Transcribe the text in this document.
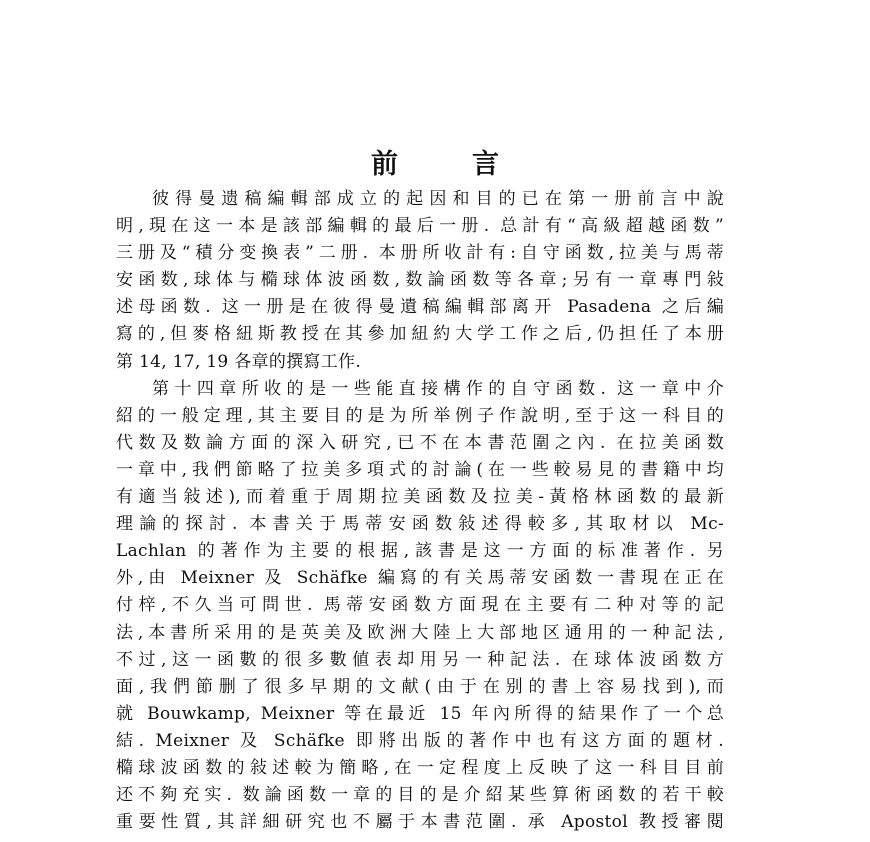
前	言
彼得曼遗稿編輯部成立的起因和目的已在第一册前言中說
明,現在这一本是該部編輯的最后一册. 总計有“高級超越函数”
三册及“積分变換表”二册. 本册所收計有:自守函数,拉美与馬蒂
安函数,球体与橢球体波函数,数論函数等各章;另有一章專門敍
述母函数. 这一册是在彼得曼遺稿編輯部离开 Pasadena 之后編
寫的,但麥格紐斯教授在其參加紐約大学工作之后,仍担任了本册
第 14, 17, 19 各章的撰寫工作.
第十四章所收的是一些能直接構作的自守函数. 这一章中介
紹的一般定理,其主要目的是为所举例子作說明,至于这一科目的
代数及数論方面的深入研究,已不在本書范圍之內. 在拉美函数
一章中,我們節略了拉美多項式的討論(在一些較易見的書籍中均
有適当敍述),而着重于周期拉美函数及拉美-黃格林函数的最新
理論的探討. 本書关于馬蒂安函数敍述得較多,其取材以 Mc-
Lachlan 的著作为主要的根据,該書是这一方面的标准著作. 另
外,由 Meixner 及 Schäfke 編寫的有关馬蒂安函数一書現在正在
付梓,不久当可問世. 馬蒂安函数方面現在主要有二种对等的記
法,本書所采用的是英美及欧洲大陸上大部地区通用的一种記法,
不过,这一函數的很多數値表却用另一种記法. 在球体波函数方
面,我們節删了很多早期的文献(由于在别的書上容易找到),而
就 Bouwkamp, Meixner 等在最近 15 年內所得的結果作了一个总
結. Meixner 及 Schäfke 即將出版的著作中也有这方面的題材.
橢球波函数的敍述較为簡略,在一定程度上反映了这一科目目前
还不夠充实. 数論函数一章的目的是介紹某些算術函数的若干較
重要性質,其詳細研究也不屬于本書范圍. 承 Apostol 教授審閱
